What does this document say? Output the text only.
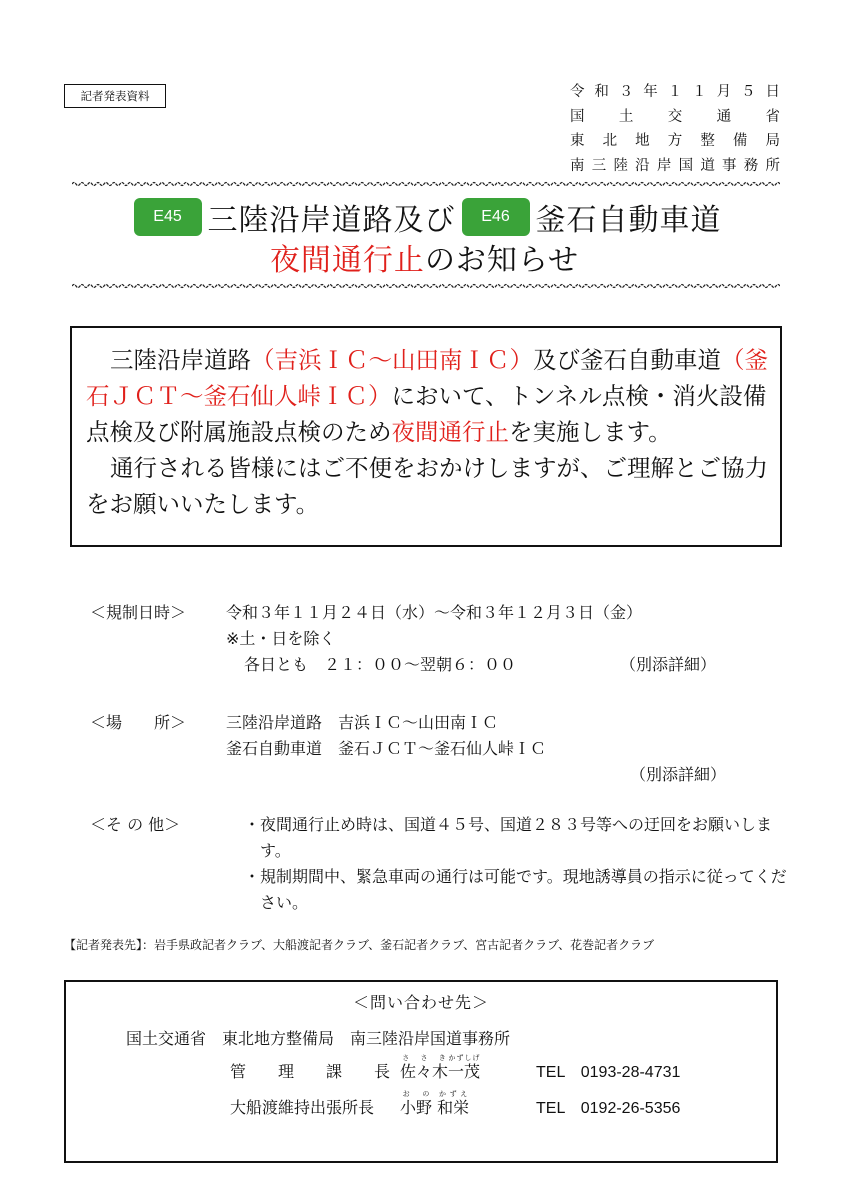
記者発表資料	令和３年１１月５日
国土交通省
東北地方整備局
南三陸沿岸国道事務所
E45 三陸沿岸道路及び	E46 釜石自動車道
夜間通行止のお知らせ

三陸沿岸道路（吉浜ＩＣ～山田南ＩＣ）及び釜石自動車道（釜石ＪＣＴ～釜石仙人峠ＩＣ）において、トンネル点検・消火設備点検及び附属施設点検のため夜間通行止を実施します。

通行される皆様にはご不便をおかけしますが、ご理解とご協力をお願いいたします。

＜規制日時＞ 令和３年１１月２４日（水）～令和３年１２月３日（金）
※土・日を除く
各日とも　２１：００～翌朝６：００	（別添詳細）
＜場　　所＞ 三陸沿岸道路　吉浜ＩＣ～山田南ＩＣ
釜石自動車道　釜石ＪＣＴ～釜石仙人峠ＩＣ
（別添詳細）
＜そ の 他＞	・夜間通行止め時は、国道４５号、国道２８３号等への迂回をお願いします。
・規制期間中、緊急車両の通行は可能です。現地誘導員の指示に従ってください。
【記者発表先】：岩手県政記者クラブ、大船渡記者クラブ、釜石記者クラブ、宮古記者クラブ、花巻記者クラブ
＜問い合わせ先＞
国土交通省　東北地方整備局　南三陸沿岸国道事務所
管理課長 佐々木さ さ き一茂かずしげTEL　0193-28-4731
大船渡維持出張所長 小野お の 和栄かずえTEL　0192-26-5356
